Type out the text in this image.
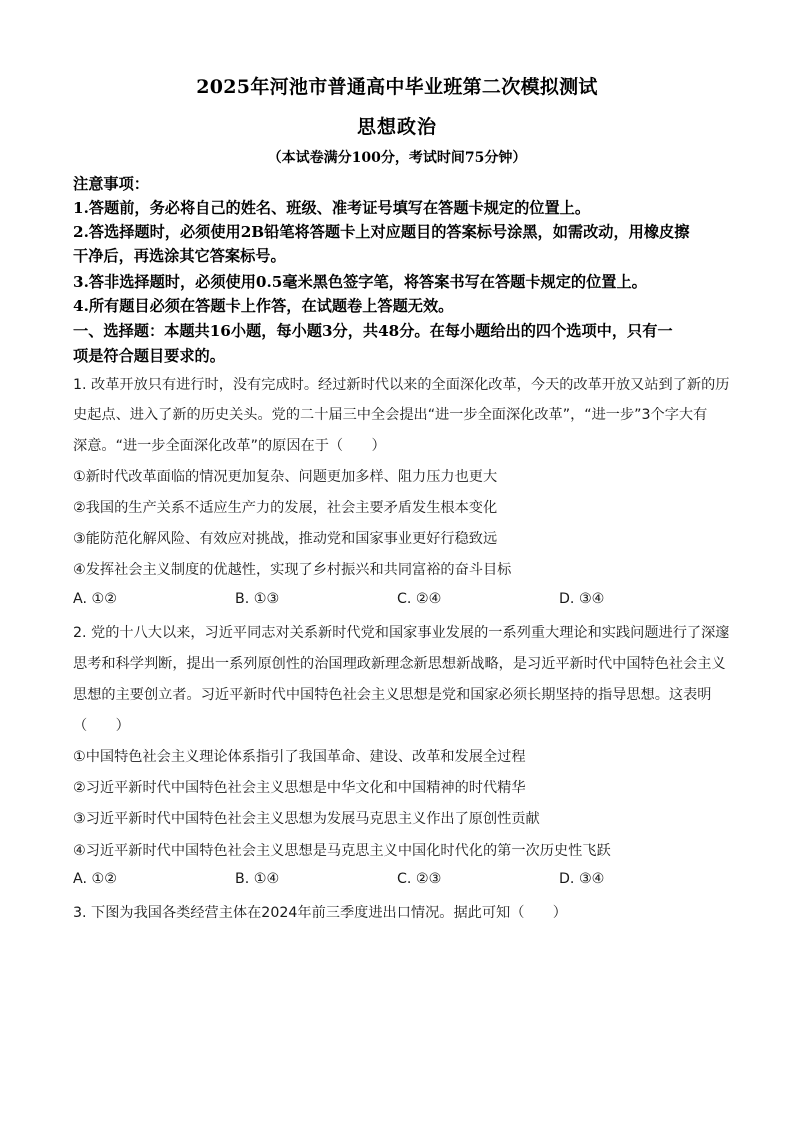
2025年河池市普通高中毕业班第二次模拟测试
思想政治
（本试卷满分100分，考试时间75分钟）
注意事项：
1.答题前，务必将自己的姓名、班级、准考证号填写在答题卡规定的位置上。
2.答选择题时，必须使用2B铅笔将答题卡上对应题目的答案标号涂黑，如需改动，用橡皮擦
干净后，再选涂其它答案标号。
3.答非选择题时，必须使用0.5毫米黑色签字笔，将答案书写在答题卡规定的位置上。
4.所有题目必须在答题卡上作答，在试题卷上答题无效。
一、选择题：本题共16小题，每小题3分，共48分。在每小题给出的四个选项中，只有一
项是符合题目要求的。
1. 改革开放只有进行时，没有完成时。经过新时代以来的全面深化改革，今天的改革开放又站到了新的历
史起点、进入了新的历史关头。党的二十届三中全会提出“进一步全面深化改革”，“进一步”3个字大有
深意。“进一步全面深化改革”的原因在于（　　）
①新时代改革面临的情况更加复杂、问题更加多样、阻力压力也更大
②我国的生产关系不适应生产力的发展，社会主要矛盾发生根本变化
③能防范化解风险、有效应对挑战，推动党和国家事业更好行稳致远
④发挥社会主义制度的优越性，实现了乡村振兴和共同富裕的奋斗目标
A. ①②	B. ①③	C. ②④	D. ③④
2. 党的十八大以来，习近平同志对关系新时代党和国家事业发展的一系列重大理论和实践问题进行了深邃
思考和科学判断，提出一系列原创性的治国理政新理念新思想新战略，是习近平新时代中国特色社会主义
思想的主要创立者。习近平新时代中国特色社会主义思想是党和国家必须长期坚持的指导思想。这表明
（　　）
①中国特色社会主义理论体系指引了我国革命、建设、改革和发展全过程
②习近平新时代中国特色社会主义思想是中华文化和中国精神的时代精华
③习近平新时代中国特色社会主义思想为发展马克思主义作出了原创性贡献
④习近平新时代中国特色社会主义思想是马克思主义中国化时代化的第一次历史性飞跃
A. ①②	B. ①④	C. ②③	D. ③④
3. 下图为我国各类经营主体在2024年前三季度进出口情况。据此可知（　　）
